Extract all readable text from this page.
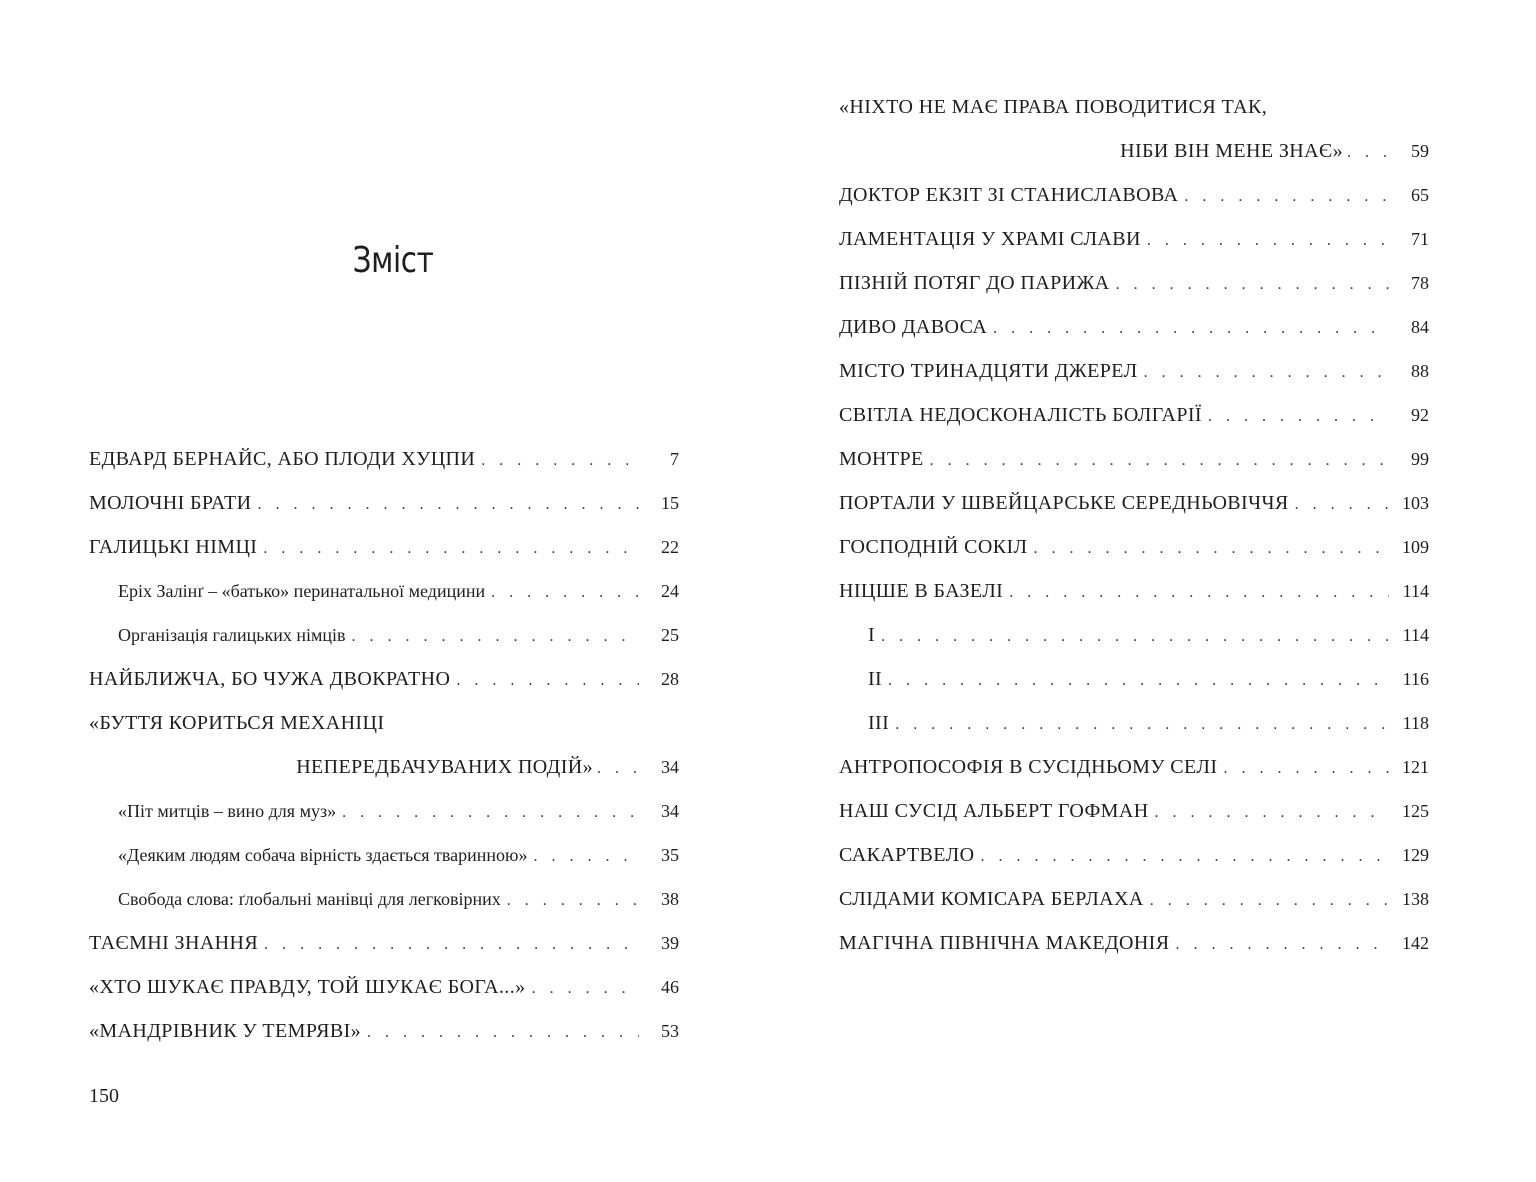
Зміст
ЕДВАРД БЕРНАЙС, АБО ПЛОДИ ХУЦПИ . . .	7
МОЛОЧНІ БРАТИ . . .	15
ГАЛИЦЬКІ НІМЦІ . . .	22
Еріх Залінґ – «батько» перинатальної медицини . . .	24
Організація галицьких німців . . .	25
НАЙБЛИЖЧА, БО ЧУЖА ДВОКРАТНО . . .	28
«БУТТЯ КОРИТЬСЯ МЕХАНІЦІ
НЕПЕРЕДБАЧУВАНИХ ПОДІЙ» . . .	34
«Піт митців – вино для муз» . . .	34
«Деяким людям собача вірність здається тваринною» . . .	35
Свобода слова: ґлобальні манівці для легковірних . . .	38
ТАЄМНІ ЗНАННЯ . . .	39
«ХТО ШУКАЄ ПРАВДУ, ТОЙ ШУКАЄ БОГА...» . . .	46
«МАНДРІВНИК У ТЕМРЯВІ» . . .	53
«НІХТО НЕ МАЄ ПРАВА ПОВОДИТИСЯ ТАК,
НІБИ ВІН МЕНЕ ЗНАЄ» . . .	59
ДОКТОР ЕКЗІТ ЗІ СТАНИСЛАВОВА . . .	65
ЛАМЕНТАЦІЯ У ХРАМІ СЛАВИ . . .	71
ПІЗНІЙ ПОТЯГ ДО ПАРИЖА . . .	78
ДИВО ДАВОСА . . .	84
МІСТО ТРИНАДЦЯТИ ДЖЕРЕЛ . . .	88
СВІТЛА НЕДОСКОНАЛІСТЬ БОЛГАРІЇ . . .	92
МОНТРЕ . . .	99
ПОРТАЛИ У ШВЕЙЦАРСЬКЕ СЕРЕДНЬОВІЧЧЯ . . .	103
ГОСПОДНІЙ СОКІЛ . . .	109
НІЦШЕ В БАЗЕЛІ . . .	114
I . . .	114
II . . .	116
III . . .	118
АНТРОПОСОФІЯ В СУСІДНЬОМУ СЕЛІ . . .	121
НАШ СУСІД АЛЬБЕРТ ГОФМАН . . .	125
САКАРТВЕЛО . . .	129
СЛІДАМИ КОМІСАРА БЕРЛАХА . . .	138
МАГІЧНА ПІВНІЧНА МАКЕДОНІЯ . . .	142
150
